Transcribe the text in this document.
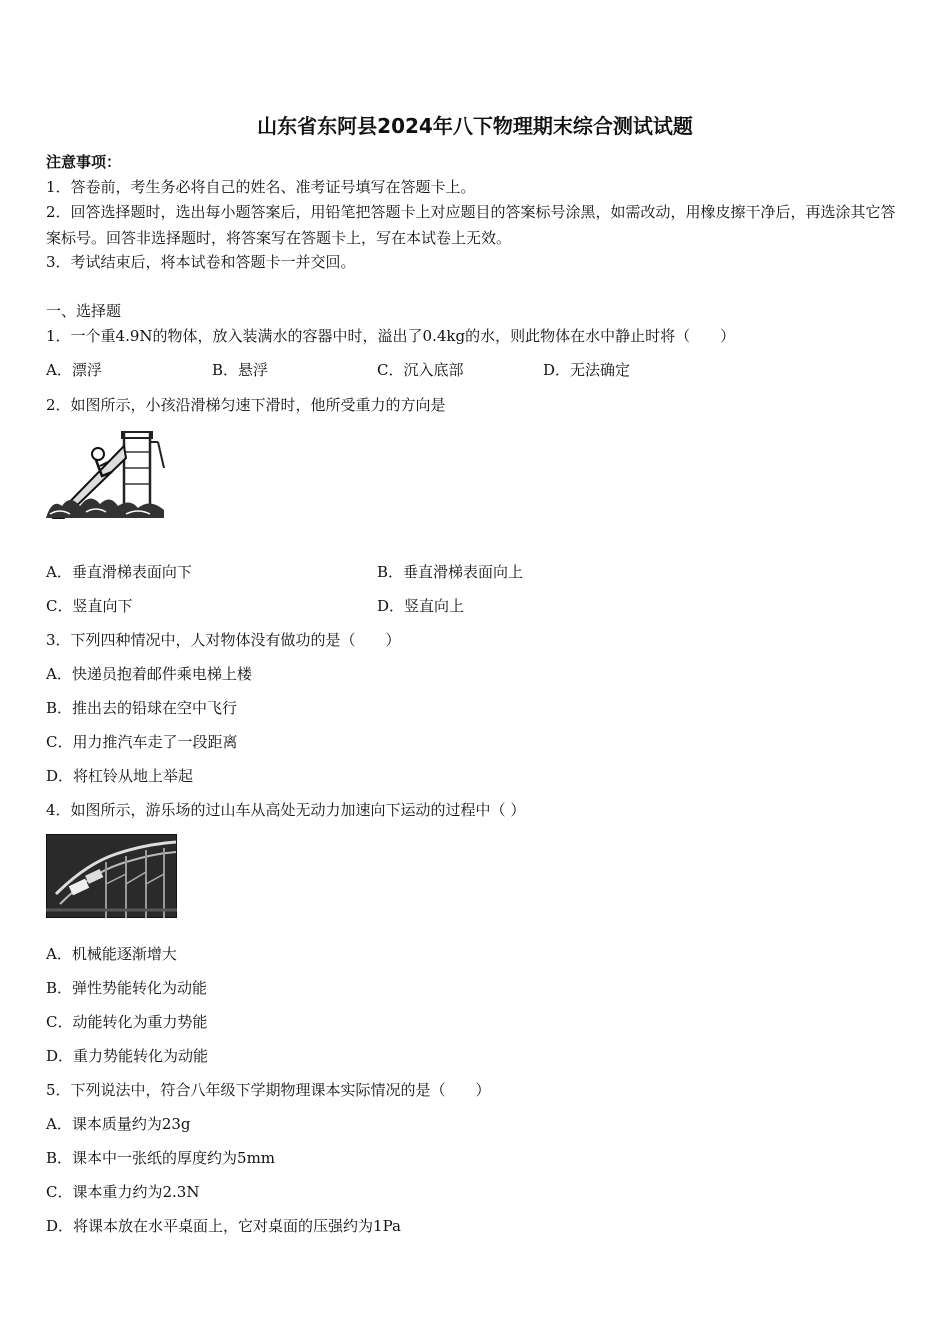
山东省东阿县2024年八下物理期末综合测试试题
注意事项：
1．答卷前，考生务必将自己的姓名、准考证号填写在答题卡上。
2．回答选择题时，选出每小题答案后，用铅笔把答题卡上对应题目的答案标号涂黑，如需改动，用橡皮擦干净后，再选涂其它答案标号。回答非选择题时，将答案写在答题卡上，写在本试卷上无效。
3．考试结束后，将本试卷和答题卡一并交回。
一、选择题
1．一个重4.9N的物体，放入装满水的容器中时，溢出了0.4kg的水，则此物体在水中静止时将（　　）
A．漂浮	B．悬浮	C．沉入底部	D．无法确定
2．如图所示，小孩沿滑梯匀速下滑时，他所受重力的方向是
A．垂直滑梯表面向下	B．垂直滑梯表面向上
C．竖直向下	D．竖直向上
3．下列四种情况中，人对物体没有做功的是（　　）
A．快递员抱着邮件乘电梯上楼
B．推出去的铅球在空中飞行
C．用力推汽车走了一段距离
D．将杠铃从地上举起
4．如图所示，游乐场的过山车从高处无动力加速向下运动的过程中（ ）
A．机械能逐渐增大
B．弹性势能转化为动能
C．动能转化为重力势能
D．重力势能转化为动能
5．下列说法中，符合八年级下学期物理课本实际情况的是（　　）
A．课本质量约为23g
B．课本中一张纸的厚度约为5mm
C．课本重力约为2.3N
D．将课本放在水平桌面上，它对桌面的压强约为1Pa
